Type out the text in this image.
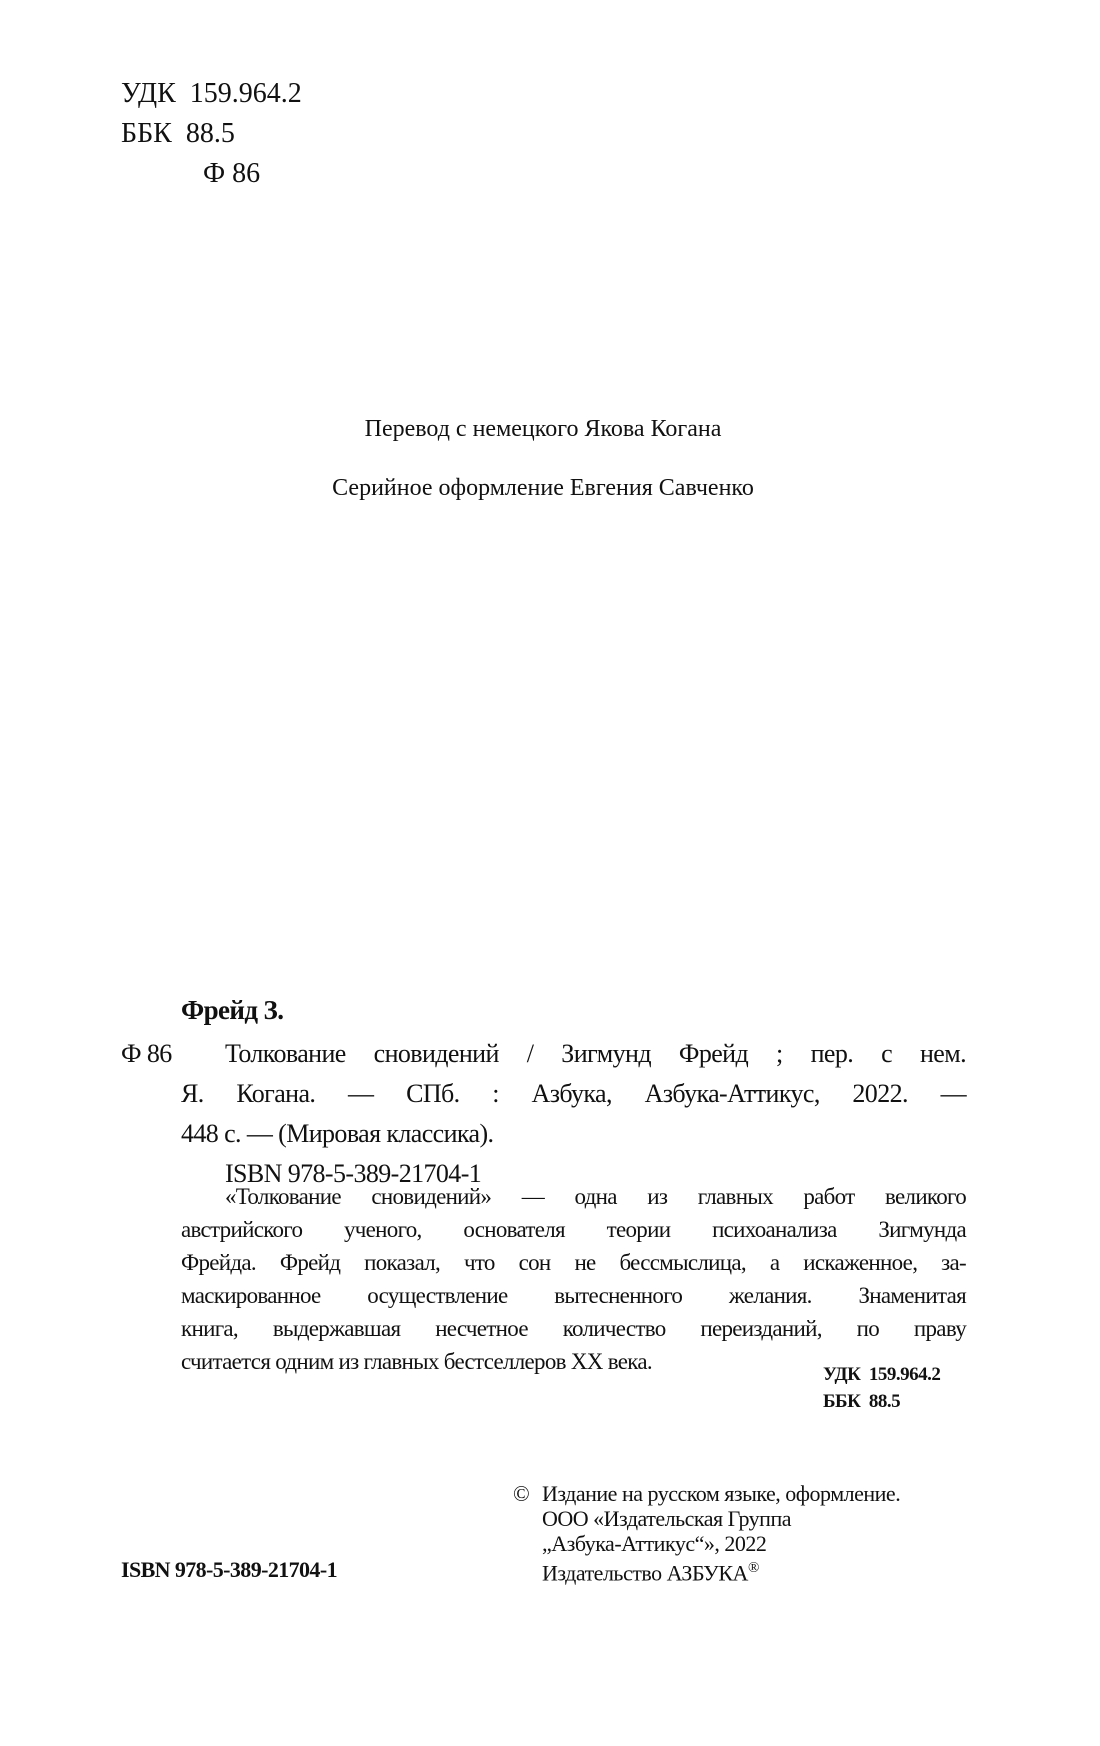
УДК 159.964.2
ББК 88.5
Ф 86
Перевод с немецкого Якова Когана
Серийное оформление Евгения Савченко
Фрейд З.
Ф 86 Толкование сновидений / Зигмунд Фрейд ; пер. с нем.
Я. Когана. — СПб. : Азбука, Азбука-Аттикус, 2022. —
448 с. — (Мировая классика).
ISBN 978-5-389-21704-1
«Толкование сновидений» — одна из главных работ великого
австрийского ученого, основателя теории психоанализа Зигмунда
Фрейда. Фрейд показал, что сон не бессмыслица, а искаженное, за-
маскированное осуществление вытесненного желания. Знаменитая
книга, выдержавшая несчетное количество переизданий, по праву
считается одним из главных бестселлеров XX века.
УДК  159.964.2
ББК  88.5
© Издание на русском языке, оформление.
ООО «Издательская Группа
„Азбука-Аттикус“», 2022
Издательство АЗБУКА®
ISBN 978-5-389-21704-1
